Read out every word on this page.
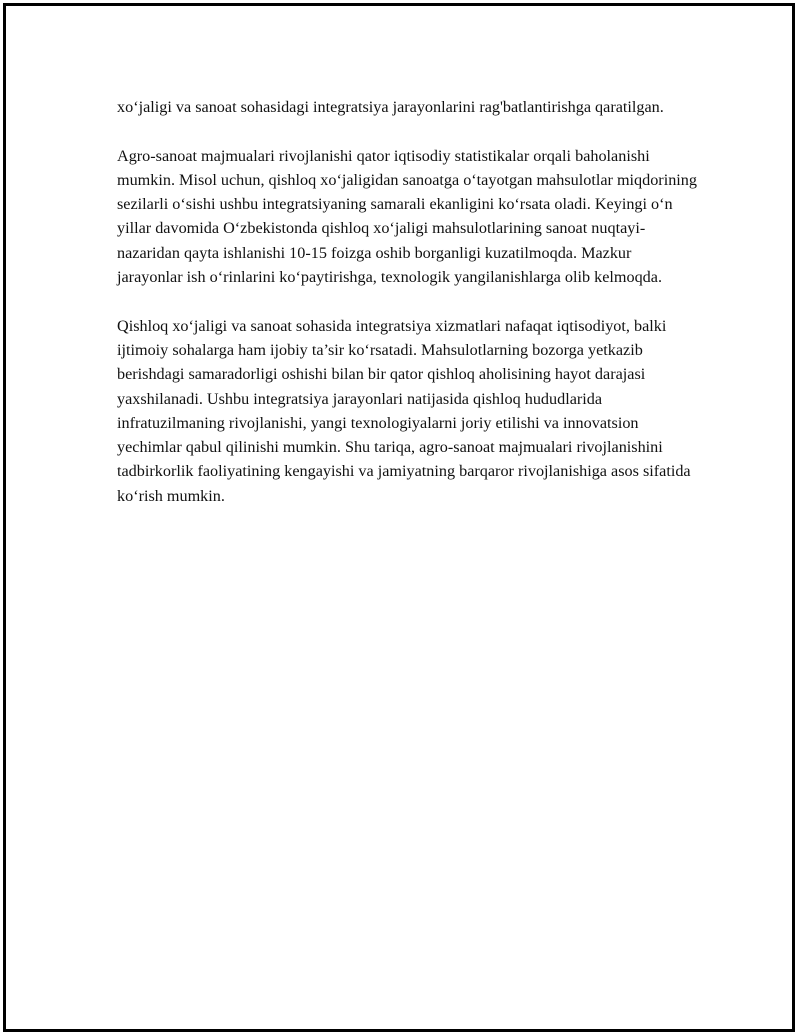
xo‘jaligi va sanoat sohasidagi integratsiya jarayonlarini rag'batlantirishga qaratilgan.

Agro-sanoat majmualari rivojlanishi qator iqtisodiy statistikalar orqali baholanishi mumkin. Misol uchun, qishloq xo‘jaligidan sanoatga o‘tayotgan mahsulotlar miqdorining sezilarli o‘sishi ushbu integratsiyaning samarali ekanligini ko‘rsata oladi. Keyingi o‘n yillar davomida O‘zbekistonda qishloq xo‘jaligi mahsulotlarining sanoat nuqtayi-nazaridan qayta ishlanishi 10-15 foizga oshib borganligi kuzatilmoqda. Mazkur jarayonlar ish o‘rinlarini ko‘paytirishga, texnologik yangilanishlarga olib kelmoqda.

Qishloq xo‘jaligi va sanoat sohasida integratsiya xizmatlari nafaqat iqtisodiyot, balki ijtimoiy sohalarga ham ijobiy ta’sir ko‘rsatadi. Mahsulotlarning bozorga yetkazib berishdagi samaradorligi oshishi bilan bir qator qishloq aholisining hayot darajasi yaxshilanadi. Ushbu integratsiya jarayonlari natijasida qishloq hududlarida infratuzilmaning rivojlanishi, yangi texnologiyalarni joriy etilishi va innovatsion yechimlar qabul qilinishi mumkin. Shu tariqa, agro-sanoat majmualari rivojlanishini tadbirkorlik faoliyatining kengayishi va jamiyatning barqaror rivojlanishiga asos sifatida ko‘rish mumkin.
